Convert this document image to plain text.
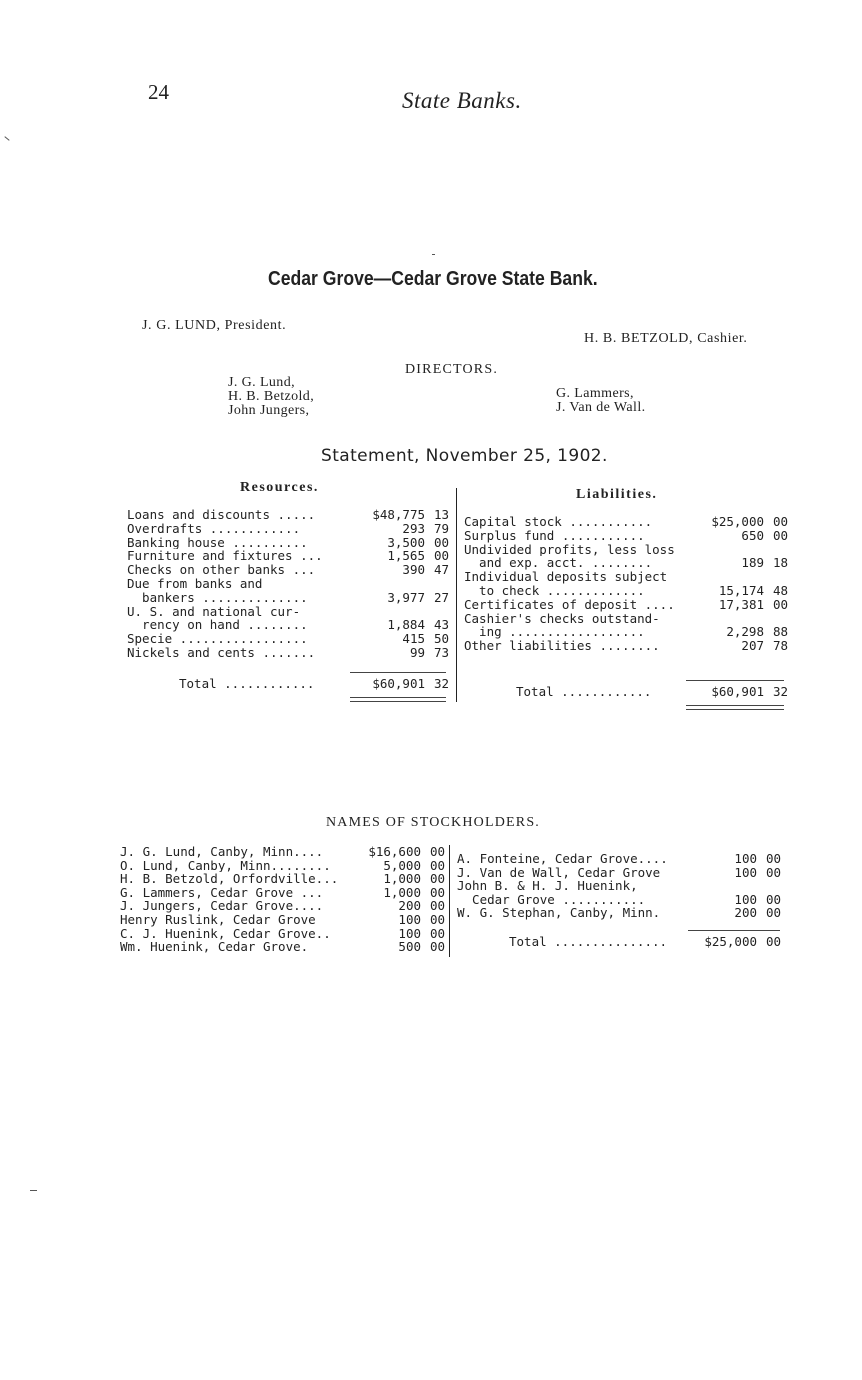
24	State Banks.
Cedar Grove—Cedar Grove State Bank.
J. G. LUND, President.
H. B. BETZOLD, Cashier.
DIRECTORS.
J. G. Lund,
H. B. Betzold,
John Jungers,
G. Lammers,
J. Van de Wall.
Statement, November 25, 1902.
Resources.
Loans and discounts .....	$48,775 13
Overdrafts ............	293 79
Banking house ..........	3,500 00
Furniture and fixtures ...	1,565 00
Checks on other banks ...	390 47
Due from banks and
bankers ..............	3,977 27
U. S. and national cur-
rency on hand ........	1,884 43
Specie .................	415 50
Nickels and cents .......	99 73
Total ............	$60,901 32
Liabilities.
Capital stock ...........	$25,000 00
Surplus fund ...........	650 00
Undivided profits, less loss
and exp. acct. ........	189 18
Individual deposits subject
to check .............	15,174 48
Certificates of deposit ....	17,381 00
Cashier's checks outstand-
ing ..................	2,298 88
Other liabilities ........	207 78
Total ............	$60,901 32
NAMES OF STOCKHOLDERS.
J. G. Lund, Canby, Minn....	$16,600 00
O. Lund, Canby, Minn........	5,000 00
H. B. Betzold, Orfordville...	1,000 00
G. Lammers, Cedar Grove ...	1,000 00
J. Jungers, Cedar Grove....	200 00
Henry Ruslink, Cedar Grove	100 00
C. J. Huenink, Cedar Grove..	100 00
Wm. Huenink, Cedar Grove.	500 00
A. Fonteine, Cedar Grove....	100 00
J. Van de Wall, Cedar Grove	100 00
John B. & H. J. Huenink,
Cedar Grove ...........	100 00
W. G. Stephan, Canby, Minn.	200 00
Total ...............	$25,000 00
